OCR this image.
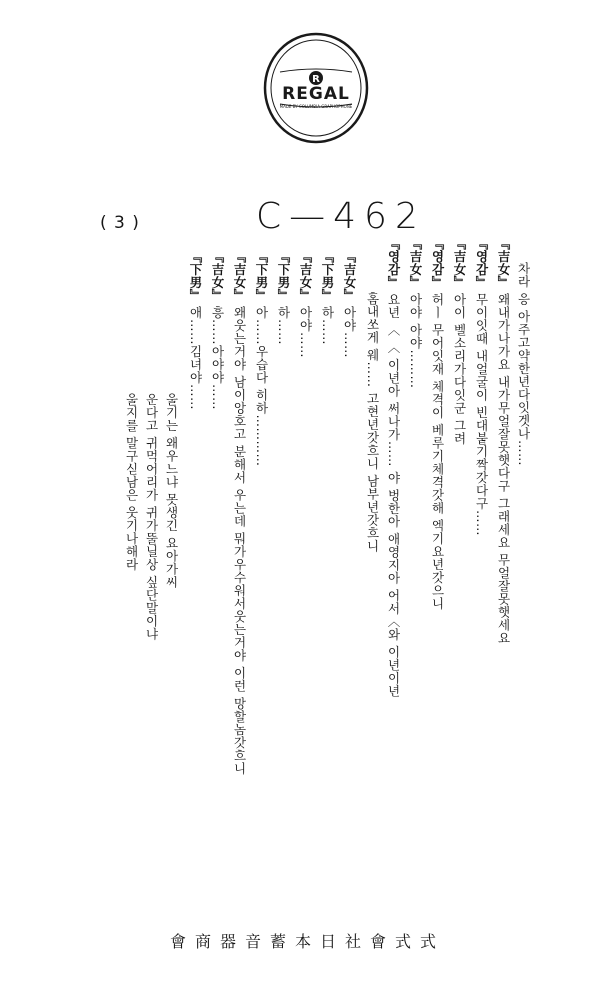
R
REGAL
MADE BY COLUMBIA GRAPHOPHONE
( 3 )	C—462
차라 응 아주고약한년다잇겟나……
『吉女』왜내가나가요 내가무얼잘못햇다구 그래세요 무얼잘못햇세요
『영감』무이잇때 내얼굴이 빈대붙기짝갓다구……
『吉女』아이 벨소리가다잇군 그려
『영감』허ㅣ 무어잇재 체격이 베루기체격갓해 엑기요년갓으니
『吉女』아야 아야………
『영감』요년 〈 〈 이년아 써나가…… 야 벙한아 애영지아 어서〈와 이년이년
홈내쏘게 웨…… 고현년갓흐니 남부년갓흐니
『吉女』아야……
『下男』하……
『吉女』아야……
『下男』하……
『下男』아……우습다 히하…………
『吉女』왜웃는거야 남이앙호고 분해서 우는데 뭐가우수워서웃는거야 이런 망할놈갓흐니
『吉女』흥……아야야……
『下男』애……김녀야……
울기는 왜우느냐 못생긴 요아가씨
운다고 귀먹어리가 귀가뚤닐상 싶단말이냐
울지를 말구싣남은 웃기나해라
會商器音蓄本日社會式式
